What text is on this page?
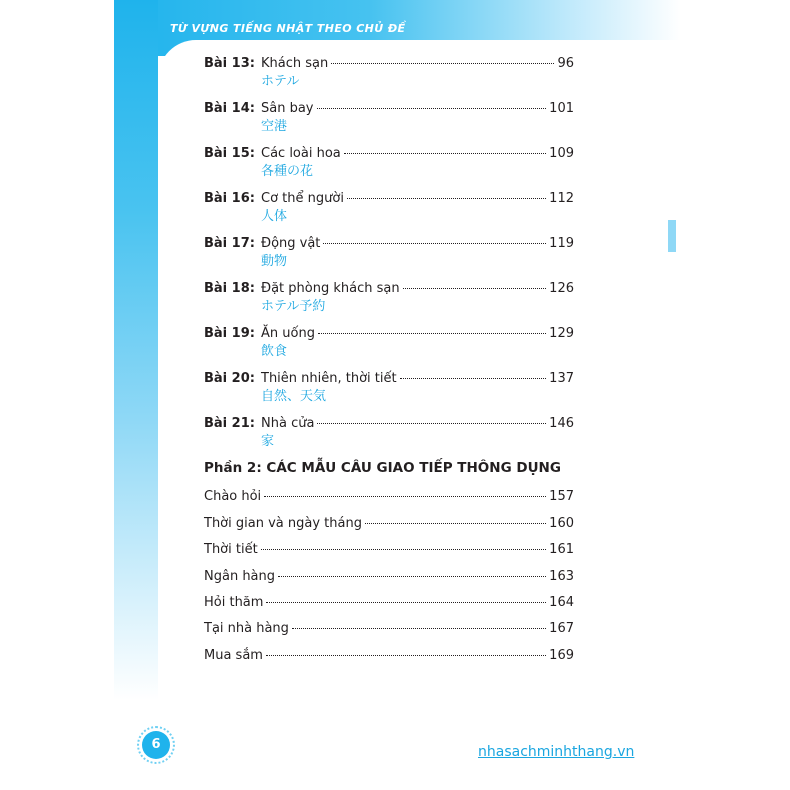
TỪ VỰNG TIẾNG NHẬT THEO CHỦ ĐỀ
Bài 13: Khách sạn	96
ホテル
Bài 14: Sân bay	101
空港
Bài 15: Các loài hoa	109
各種の花
Bài 16: Cơ thể người	112
人体
Bài 17: Động vật	119
動物
Bài 18: Đặt phòng khách sạn	126
ホテル予約
Bài 19: Ăn uống	129
飲食
Bài 20: Thiên nhiên, thời tiết	137
自然、天気
Bài 21: Nhà cửa	146
家
Phần 2: CÁC MẪU CÂU GIAO TIẾP THÔNG DỤNG
Chào hỏi	157
Thời gian và ngày tháng	160
Thời tiết	161
Ngân hàng	163
Hỏi thăm	164
Tại nhà hàng	167
Mua sắm	169
6	nhasachminhthang.vn
